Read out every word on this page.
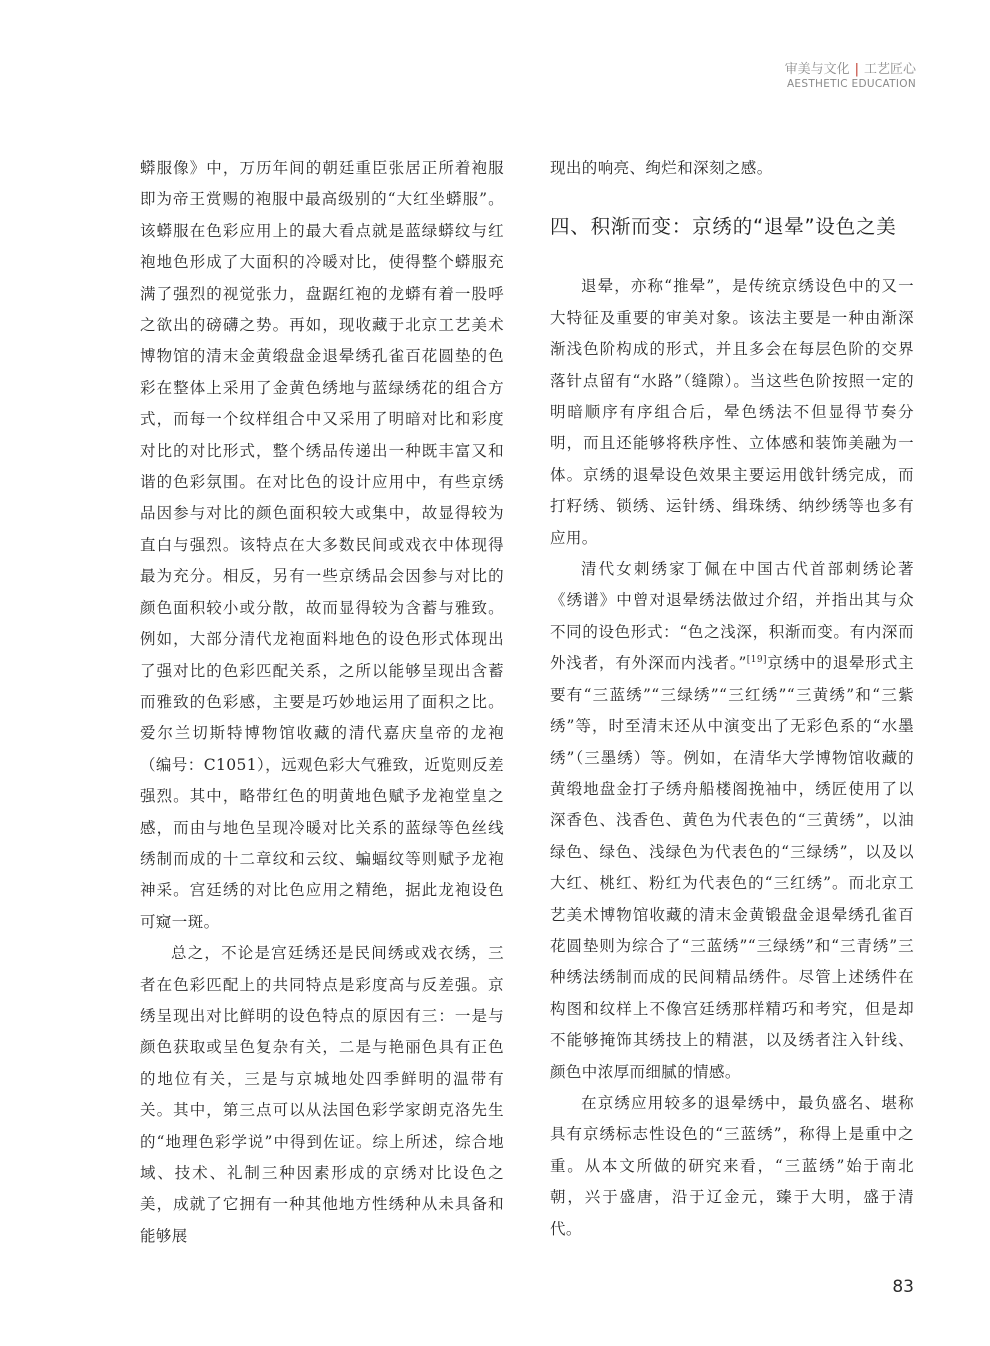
审美与文化 | 工艺匠心
AESTHETIC EDUCATION

蟒服像》中，万历年间的朝廷重臣张居正所着袍服即为帝王赏赐的袍服中最高级别的“大红坐蟒服”。该蟒服在色彩应用上的最大看点就是蓝绿蟒纹与红袍地色形成了大面积的冷暖对比，使得整个蟒服充满了强烈的视觉张力，盘踞红袍的龙蟒有着一股呼之欲出的磅礴之势。再如，现收藏于北京工艺美术博物馆的清末金黄缎盘金退晕绣孔雀百花圆垫的色彩在整体上采用了金黄色绣地与蓝绿绣花的组合方式，而每一个纹样组合中又采用了明暗对比和彩度对比的对比形式，整个绣品传递出一种既丰富又和谐的色彩氛围。在对比色的设计应用中，有些京绣品因参与对比的颜色面积较大或集中，故显得较为直白与强烈。该特点在大多数民间或戏衣中体现得最为充分。相反，另有一些京绣品会因参与对比的颜色面积较小或分散，故而显得较为含蓄与雅致。例如，大部分清代龙袍面料地色的设色形式体现出了强对比的色彩匹配关系，之所以能够呈现出含蓄而雅致的色彩感，主要是巧妙地运用了面积之比。爱尔兰切斯特博物馆收藏的清代嘉庆皇帝的龙袍（编号：C1051），远观色彩大气雅致，近览则反差强烈。其中，略带红色的明黄地色赋予龙袍堂皇之感，而由与地色呈现冷暖对比关系的蓝绿等色丝线绣制而成的十二章纹和云纹、蝙蝠纹等则赋予龙袍神采。宫廷绣的对比色应用之精绝，据此龙袍设色可窥一斑。

总之，不论是宫廷绣还是民间绣或戏衣绣，三者在色彩匹配上的共同特点是彩度高与反差强。京绣呈现出对比鲜明的设色特点的原因有三：一是与颜色获取或呈色复杂有关，二是与艳丽色具有正色的地位有关，三是与京城地处四季鲜明的温带有关。其中，第三点可以从法国色彩学家朗克洛先生的“地理色彩学说”中得到佐证。综上所述，综合地域、技术、礼制三种因素形成的京绣对比设色之美，成就了它拥有一种其他地方性绣种从未具备和能够展

现出的响亮、绚烂和深刻之感。

四、积渐而变：京绣的“退晕”设色之美

退晕，亦称“推晕”，是传统京绣设色中的又一大特征及重要的审美对象。该法主要是一种由渐深渐浅色阶构成的形式，并且多会在每层色阶的交界落针点留有“水路”（缝隙）。当这些色阶按照一定的明暗顺序有序组合后，晕色绣法不但显得节奏分明，而且还能够将秩序性、立体感和装饰美融为一体。京绣的退晕设色效果主要运用戗针绣完成，而打籽绣、锁绣、运针绣、缉珠绣、纳纱绣等也多有应用。

清代女刺绣家丁佩在中国古代首部刺绣论著《绣谱》中曾对退晕绣法做过介绍，并指出其与众不同的设色形式：“色之浅深，积渐而变。有内深而外浅者，有外深而内浅者。”[19]京绣中的退晕形式主要有“三蓝绣”“三绿绣”“三红绣”“三黄绣”和“三紫绣”等，时至清末还从中演变出了无彩色系的“水墨绣”（三墨绣）等。例如，在清华大学博物馆收藏的黄缎地盘金打子绣舟船楼阁挽袖中，绣匠使用了以深香色、浅香色、黄色为代表色的“三黄绣”，以油绿色、绿色、浅绿色为代表色的“三绿绣”，以及以大红、桃红、粉红为代表色的“三红绣”。而北京工艺美术博物馆收藏的清末金黄锻盘金退晕绣孔雀百花圆垫则为综合了“三蓝绣”“三绿绣”和“三青绣”三种绣法绣制而成的民间精品绣件。尽管上述绣件在构图和纹样上不像宫廷绣那样精巧和考究，但是却不能够掩饰其绣技上的精湛，以及绣者注入针线、颜色中浓厚而细腻的情感。

在京绣应用较多的退晕绣中，最负盛名、堪称具有京绣标志性设色的“三蓝绣”，称得上是重中之重。从本文所做的研究来看，“三蓝绣”始于南北朝，兴于盛唐，沿于辽金元，臻于大明，盛于清代。

83
